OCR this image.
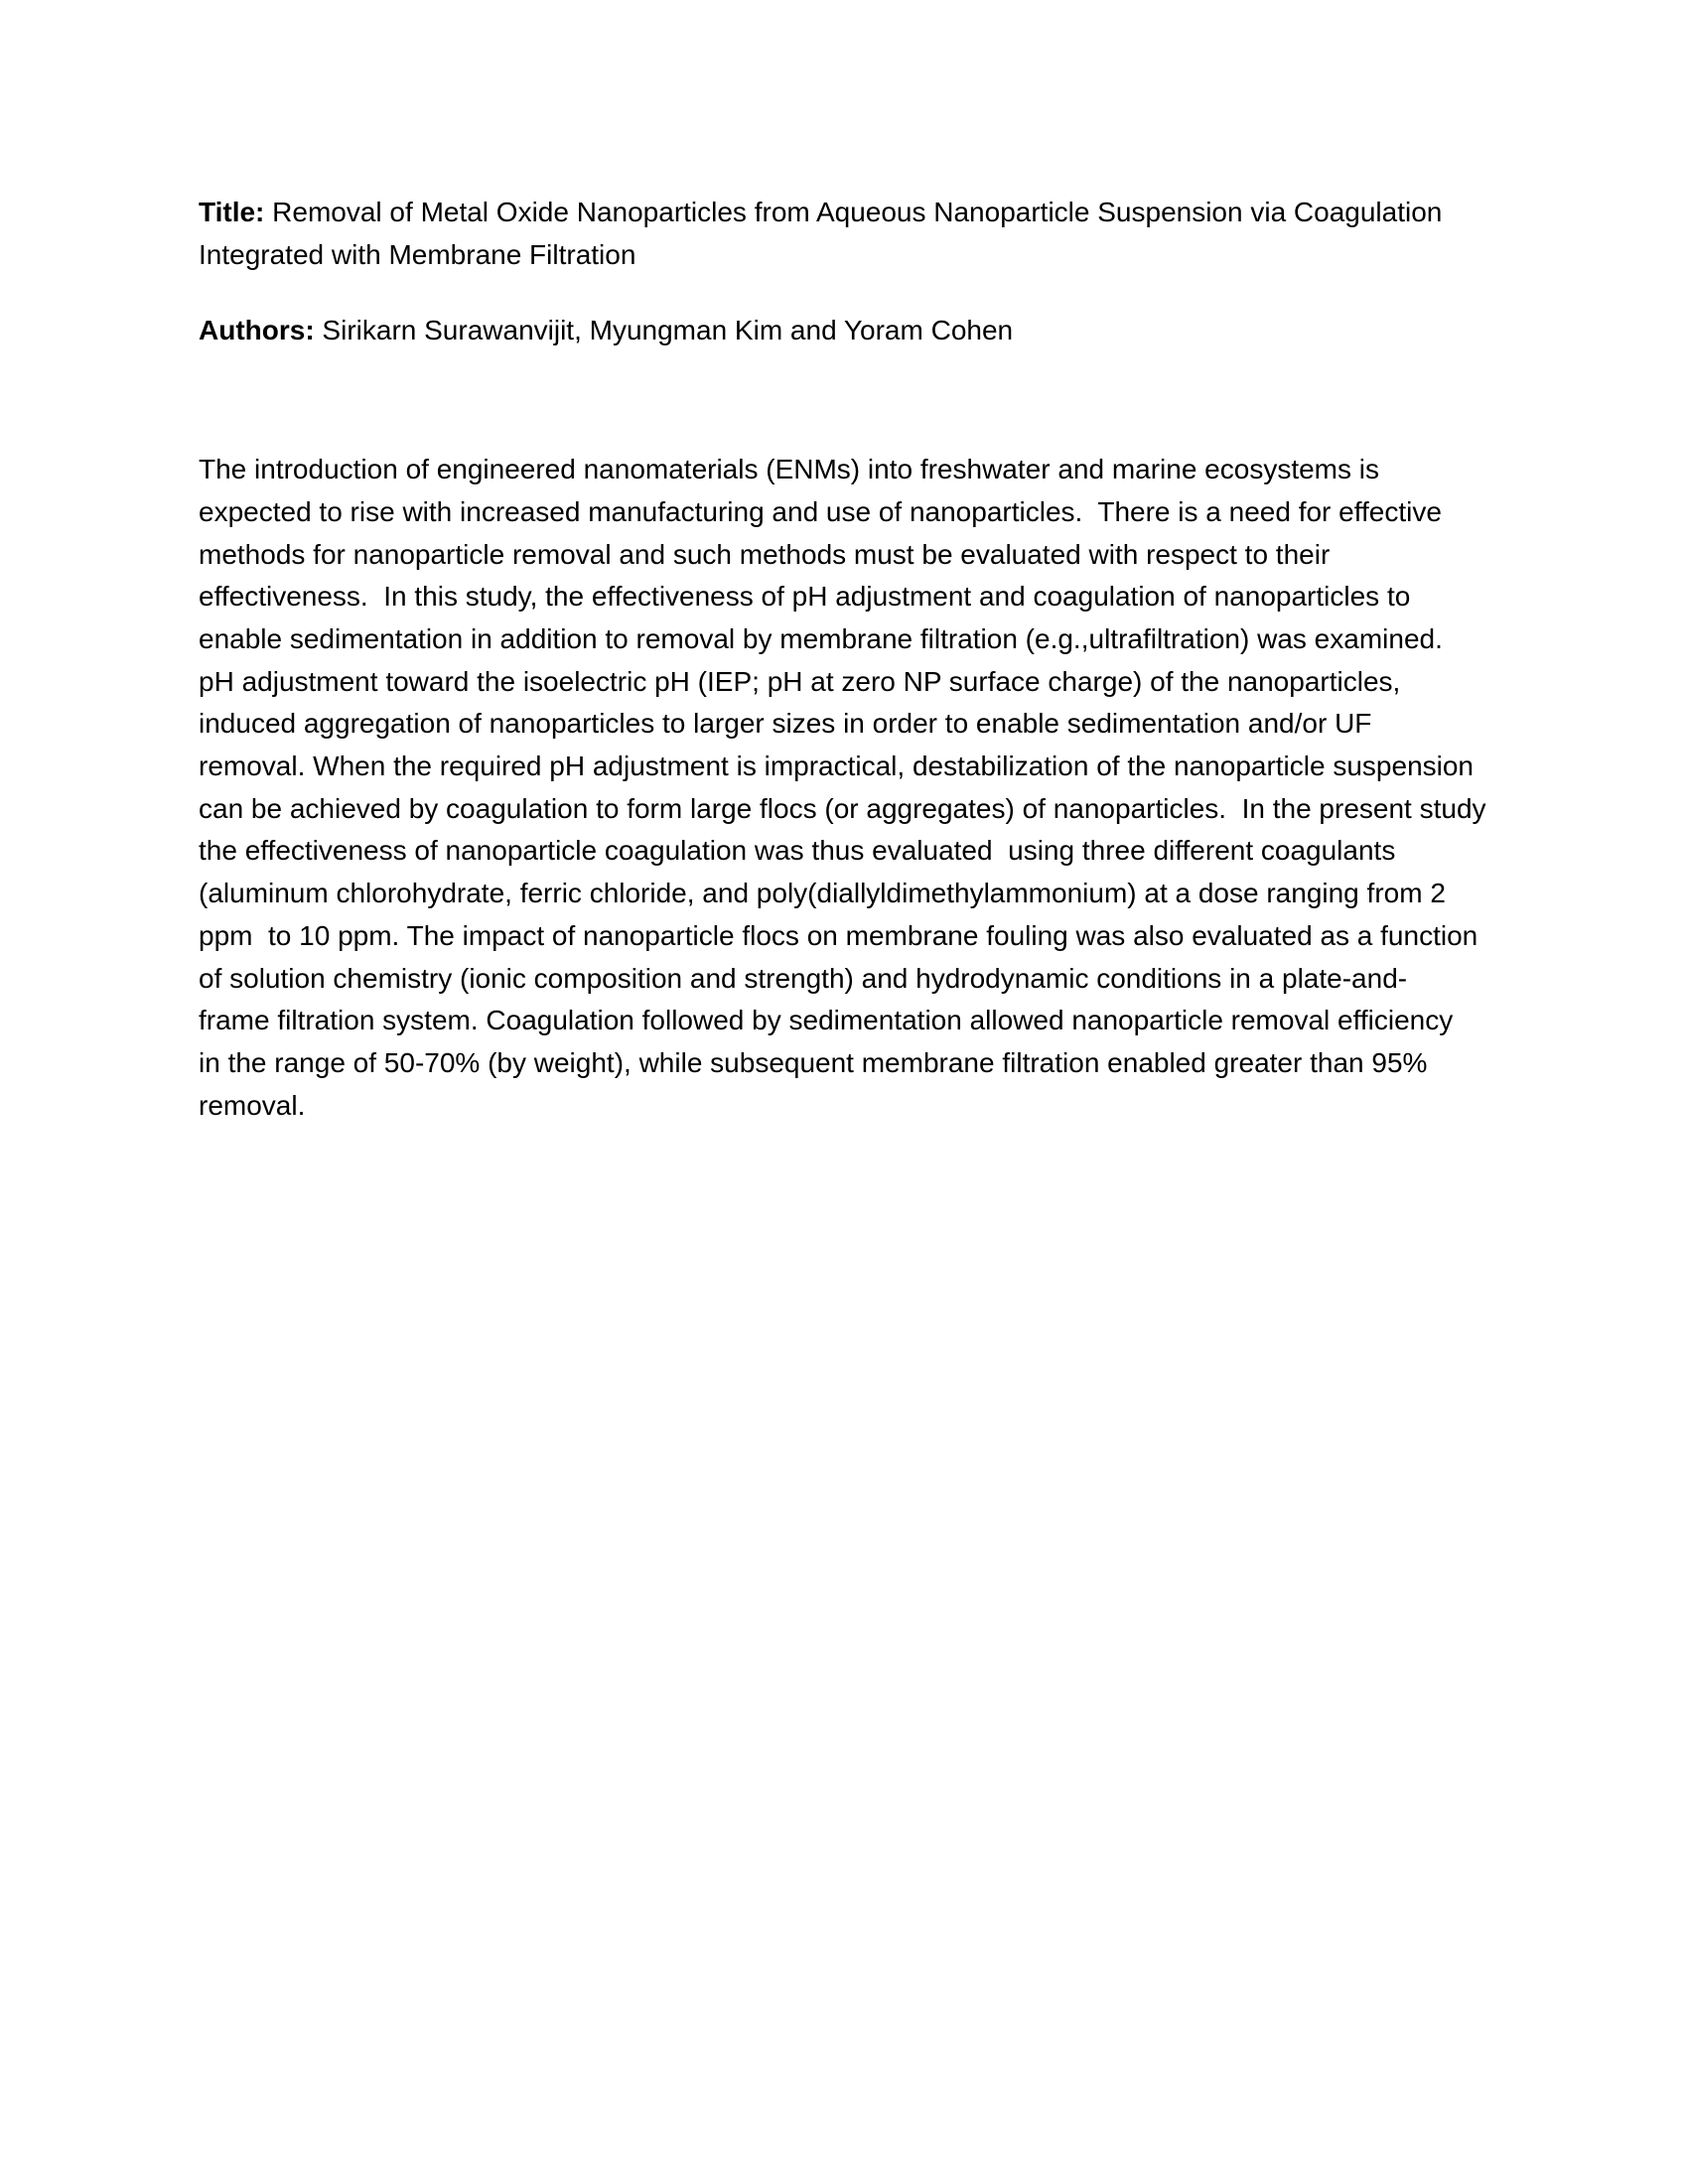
Title: Removal of Metal Oxide Nanoparticles from Aqueous Nanoparticle Suspension via Coagulation
Integrated with Membrane Filtration

Authors: Sirikarn Surawanvijit, Myungman Kim and Yoram Cohen

The introduction of engineered nanomaterials (ENMs) into freshwater and marine ecosystems is
expected to rise with increased manufacturing and use of nanoparticles.  There is a need for effective
methods for nanoparticle removal and such methods must be evaluated with respect to their
effectiveness.  In this study, the effectiveness of pH adjustment and coagulation of nanoparticles to
enable sedimentation in addition to removal by membrane filtration (e.g.,ultrafiltration) was examined.
pH adjustment toward the isoelectric pH (IEP; pH at zero NP surface charge) of the nanoparticles,
induced aggregation of nanoparticles to larger sizes in order to enable sedimentation and/or UF
removal. When the required pH adjustment is impractical, destabilization of the nanoparticle suspension
can be achieved by coagulation to form large flocs (or aggregates) of nanoparticles.  In the present study
the effectiveness of nanoparticle coagulation was thus evaluated  using three different coagulants
(aluminum chlorohydrate, ferric chloride, and poly(diallyldimethylammonium) at a dose ranging from 2
ppm  to 10 ppm. The impact of nanoparticle flocs on membrane fouling was also evaluated as a function
of solution chemistry (ionic composition and strength) and hydrodynamic conditions in a plate-and-
frame filtration system. Coagulation followed by sedimentation allowed nanoparticle removal efficiency
in the range of 50-70% (by weight), while subsequent membrane filtration enabled greater than 95%
removal.
